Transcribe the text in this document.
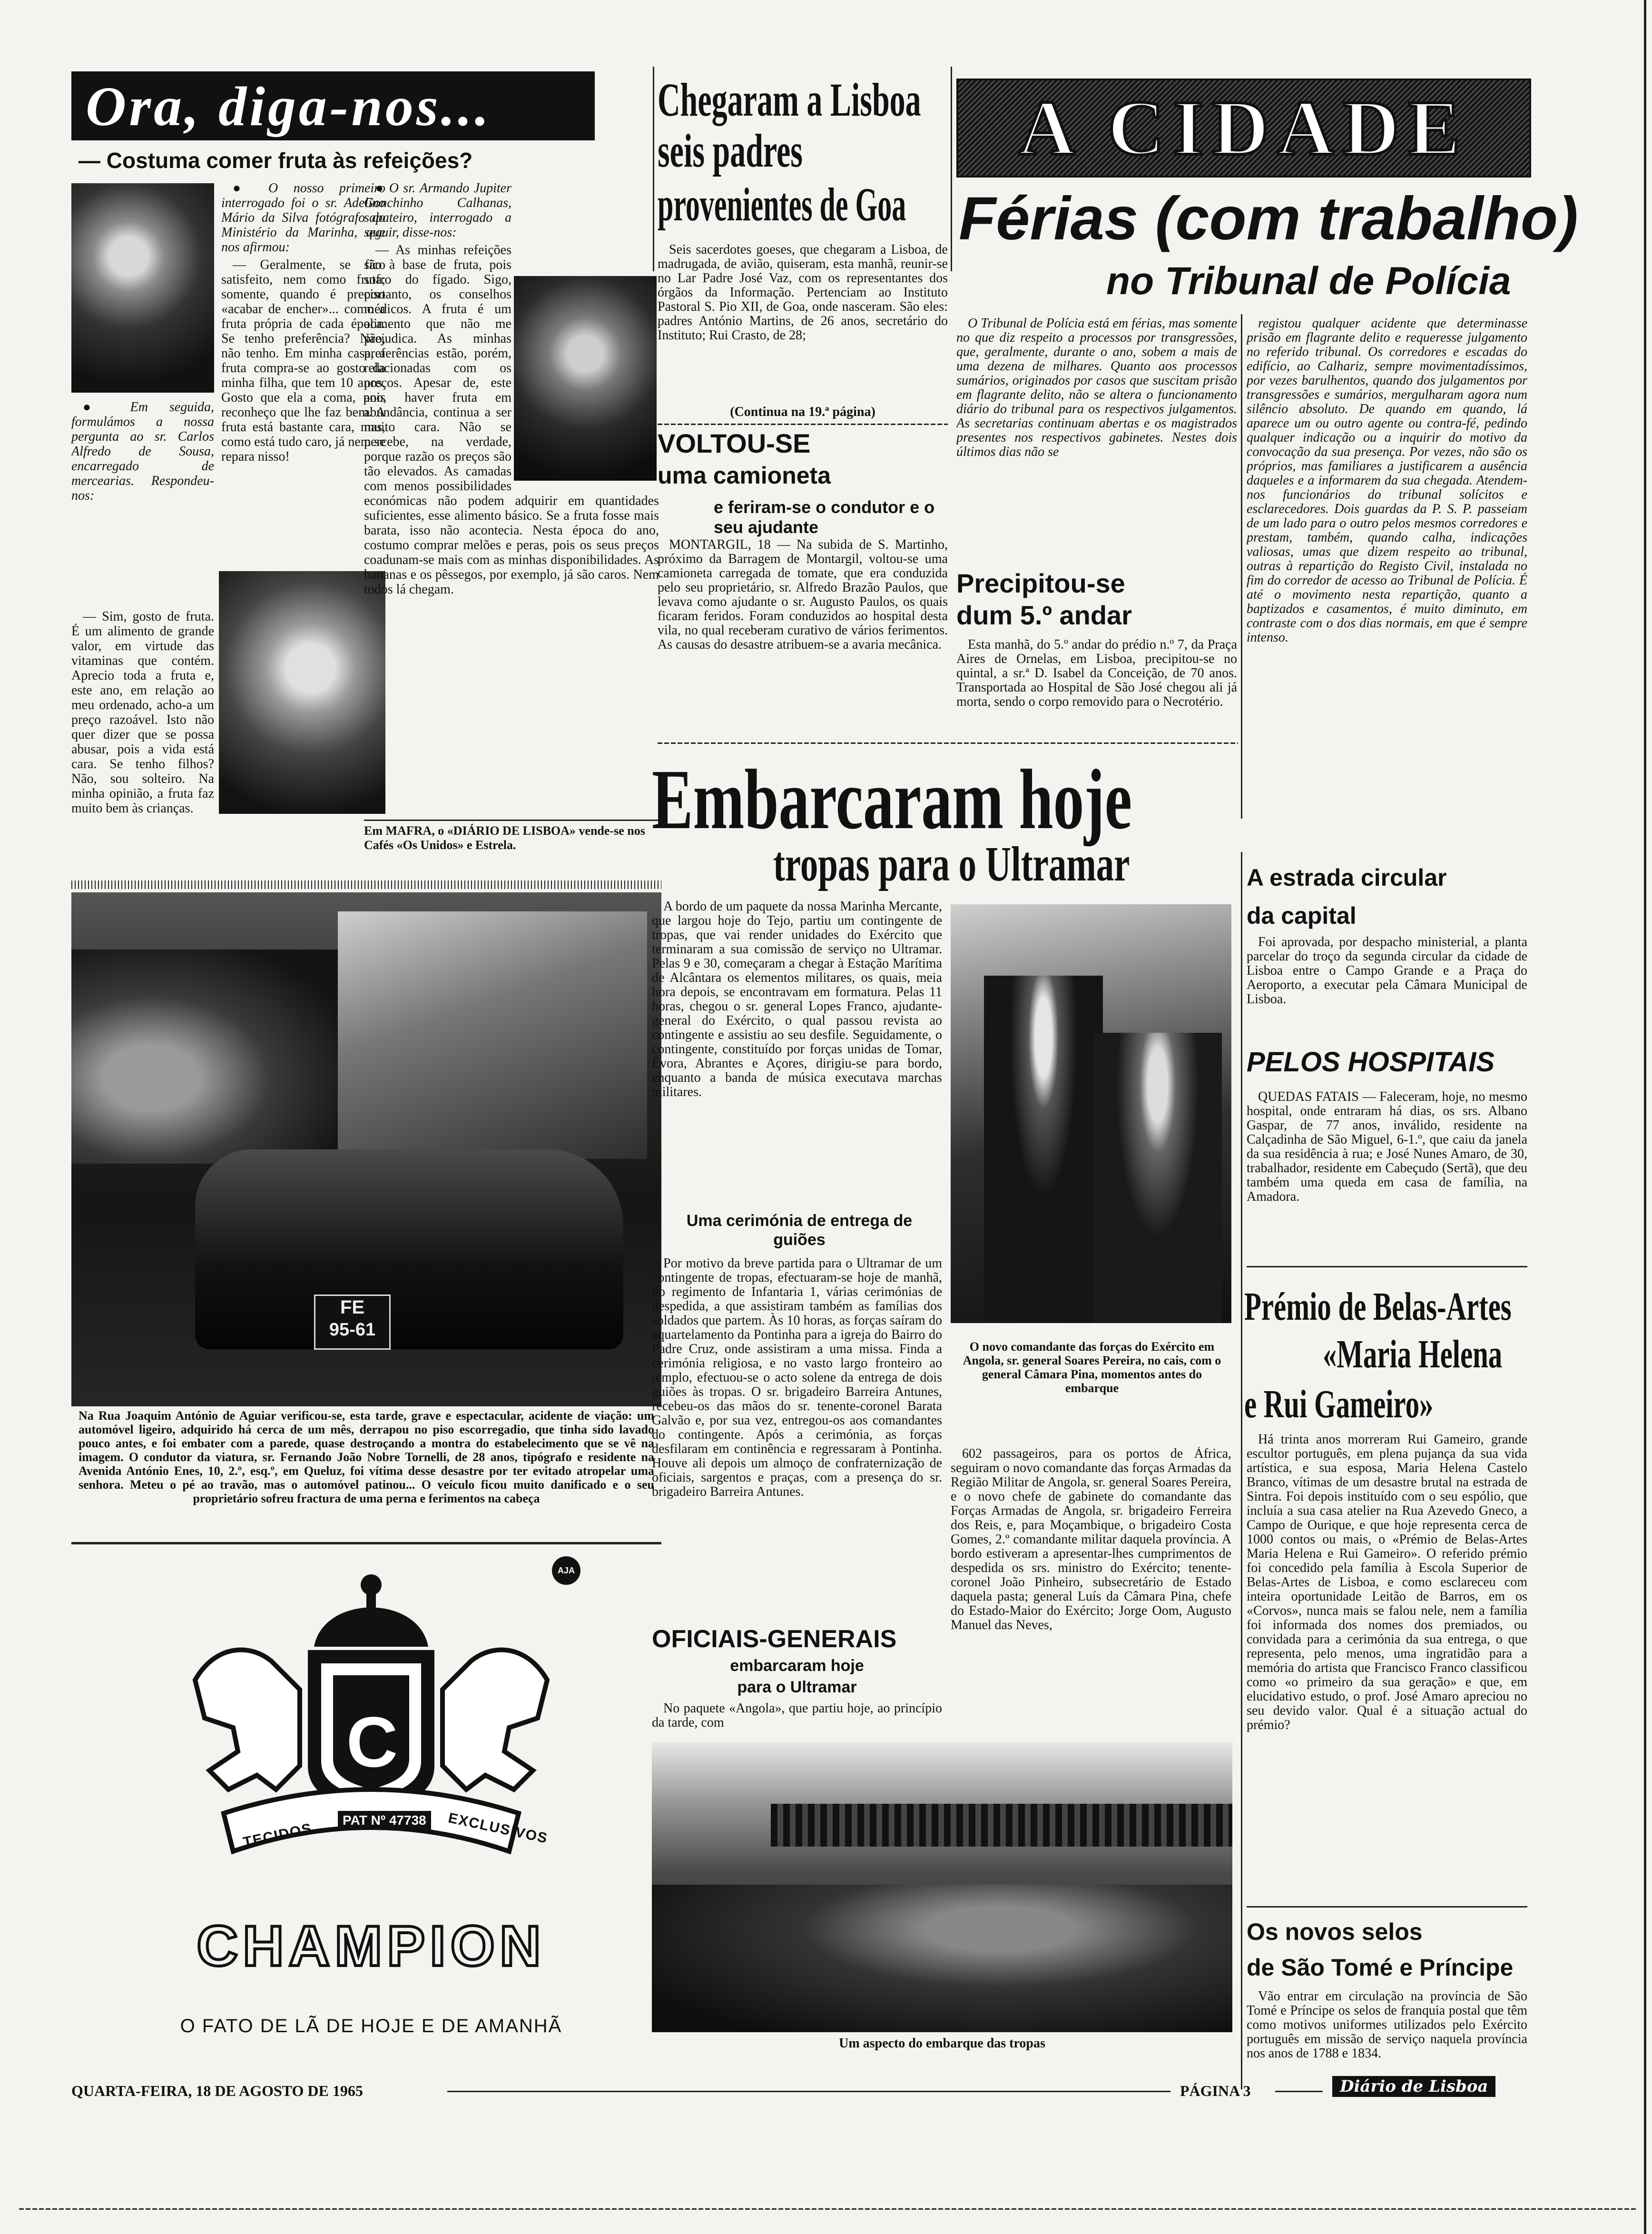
Ora, diga-nos...
— Costuma comer fruta às refeições?

● O nosso primeiro interrogado foi o sr. Adelino Mário da Silva fotógrafo do Ministério da Marinha, que nos afirmou:

— Geralmente, se fico satisfeito, nem como fruta; somente, quando é preciso «acabar de encher»... como a fruta própria de cada época. Se tenho preferência? Não, não tenho. Em minha casa, a fruta compra-se ao gosto da minha filha, que tem 10 anos. Gosto que ela a coma, pois reconheço que lhe faz bem. A fruta está bastante cara, mas, como está tudo caro, já nem se repara nisso!

● Em seguida, formulámos a nossa pergunta ao sr. Carlos Alfredo de Sousa, encarregado de mercearias. Respondeu-nos:

— Sim, gosto de fruta. É um alimento de grande valor, em virtude das vitaminas que contém. Aprecio toda a fruta e, este ano, em relação ao meu ordenado, acho-a um preço razoável. Isto não quer dizer que se possa abusar, pois a vida está cara. Se tenho filhos? Não, sou solteiro. Na minha opinião, a fruta faz muito bem às crianças.

● O sr. Armando Jupiter Gonchinho Calhanas, sapateiro, interrogado a seguir, disse-nos:

— As minhas refeições são à base de fruta, pois sofro do fígado. Sigo, portanto, os conselhos médicos. A fruta é um alimento que não me prejudica. As minhas preferências estão, porém, relacionadas com os preços. Apesar de, este ano, haver fruta em abundância, continua a ser muito cara. Não se percebe, na verdade, porque razão os preços são tão elevados. As camadas com menos possibilidades económicas não podem adquirir em quantidades suficientes, esse alimento básico. Se a fruta fosse mais barata, isso não acontecia. Nesta época do ano, costumo comprar melões e peras, pois os seus preços coadunam-se mais com as minhas disponibilidades. As bananas e os pêssegos, por exemplo, já são caros. Nem todos lá chegam.

Em MAFRA, o «DIÁRIO DE LISBOA» vende-se nos Cafés «Os Unidos» e Estrela.
FE
95-61
Na Rua Joaquim António de Aguiar verificou-se, esta tarde, grave e espectacular, acidente de viação: um automóvel ligeiro, adquirido há cerca de um mês, derrapou no piso escorregadio, que tinha sido lavado pouco antes, e foi embater com a parede, quase destroçando a montra do estabelecimento que se vê na imagem. O condutor da viatura, sr. Fernando João Nobre Tornelli, de 28 anos, tipógrafo e residente na Avenida António Enes, 10, 2.º, esq.º, em Queluz, foi vítima desse desastre por ter evitado atropelar uma senhora. Meteu o pé ao travão, mas o automóvel patinou... O veículo ficou muito danificado e o seu proprietário sofreu fractura de uma perna e ferimentos na cabeça
AJA
C
TECIDOS
PAT Nº 47738	EXCLUSIVOS
CHAMPION
O FATO DE LÃ DE HOJE E DE AMANHÃ
Chegaram a Lisboa
seis padres
provenientes de Goa

Seis sacerdotes goeses, que chegaram a Lisboa, de madrugada, de avião, quiseram, esta manhã, reunir-se no Lar Padre José Vaz, com os representantes dos órgãos da Informação. Pertenciam ao Instituto Pastoral S. Pio XII, de Goa, onde nasceram. São eles: padres António Martins, de 26 anos, secretário do Instituto; Rui Crasto, de 28;

(Continua na 19.ª página)
VOLTOU-SE
uma camioneta
e feriram-se o condutor e o seu ajudante

MONTARGIL, 18 — Na subida de S. Martinho, próximo da Barragem de Montargil, voltou-se uma camioneta carregada de tomate, que era conduzida pelo seu proprietário, sr. Alfredo Brazão Paulos, que levava como ajudante o sr. Augusto Paulos, os quais ficaram feridos. Foram conduzidos ao hospital desta vila, no qual receberam curativo de vários ferimentos. As causas do desastre atribuem-se a avaria mecânica.

A CIDADE
Férias (com trabalho)
no Tribunal de Polícia

O Tribunal de Polícia está em férias, mas somente no que diz respeito a processos por transgressões, que, geralmente, durante o ano, sobem a mais de uma dezena de milhares. Quanto aos processos sumários, originados por casos que suscitam prisão em flagrante delito, não se altera o funcionamento diário do tribunal para os respectivos julgamentos. As secretarias continuam abertas e os magistrados presentes nos respectivos gabinetes. Nestes dois últimos dias não se

registou qualquer acidente que determinasse prisão em flagrante delito e requeresse julgamento no referido tribunal. Os corredores e escadas do edifício, ao Calhariz, sempre movimentadíssimos, por vezes barulhentos, quando dos julgamentos por transgressões e sumários, mergulharam agora num silêncio absoluto. De quando em quando, lá aparece um ou outro agente ou contra-fé, pedindo qualquer indicação ou a inquirir do motivo da convocação da sua presença. Por vezes, não são os próprios, mas familiares a justificarem a ausência daqueles e a informarem da sua chegada. Atendem-nos funcionários do tribunal solícitos e esclarecedores. Dois guardas da P. S. P. passeiam de um lado para o outro pelos mesmos corredores e prestam, também, quando calha, indicações valiosas, umas que dizem respeito ao tribunal, outras à repartição do Registo Civil, instalada no fim do corredor de acesso ao Tribunal de Polícia. É até o movimento nesta repartição, quanto a baptizados e casamentos, é muito diminuto, em contraste com o dos dias normais, em que é sempre intenso.

Precipitou-se
dum 5.º andar

Esta manhã, do 5.º andar do prédio n.º 7, da Praça Aires de Ornelas, em Lisboa, precipitou-se no quintal, a sr.ª D. Isabel da Conceição, de 70 anos. Transportada ao Hospital de São José chegou ali já morta, sendo o corpo removido para o Necrotério.

Embarcaram hoje
tropas para o Ultramar

A bordo de um paquete da nossa Marinha Mercante, que largou hoje do Tejo, partiu um contingente de tropas, que vai render unidades do Exército que terminaram a sua comissão de serviço no Ultramar. Pelas 9 e 30, começaram a chegar à Estação Marítima de Alcântara os elementos militares, os quais, meia hora depois, se encontravam em formatura. Pelas 11 horas, chegou o sr. general Lopes Franco, ajudante-general do Exército, o qual passou revista ao contingente e assistiu ao seu desfile. Seguidamente, o contingente, constituído por forças unidas de Tomar, Évora, Abrantes e Açores, dirigiu-se para bordo, enquanto a banda de música executava marchas militares.

Uma cerimónia de entrega de guiões

Por motivo da breve partida para o Ultramar de um contingente de tropas, efectuaram-se hoje de manhã, no regimento de Infantaria 1, várias cerimónias de despedida, a que assistiram também as famílias dos soldados que partem. Às 10 horas, as forças saíram do aquartelamento da Pontinha para a igreja do Bairro do Padre Cruz, onde assistiram a uma missa. Finda a cerimónia religiosa, e no vasto largo fronteiro ao templo, efectuou-se o acto solene da entrega de dois guiões às tropas. O sr. brigadeiro Barreira Antunes, recebeu-os das mãos do sr. tenente-coronel Barata Galvão e, por sua vez, entregou-os aos comandantes do contingente. Após a cerimónia, as forças desfilaram em continência e regressaram à Pontinha. Houve ali depois um almoço de confraternização de oficiais, sargentos e praças, com a presença do sr. brigadeiro Barreira Antunes.

O novo comandante das forças do Exército em Angola, sr. general Soares Pereira, no cais, com o general Câmara Pina, momentos antes do embarque

602 passageiros, para os portos de África, seguiram o novo comandante das forças Armadas da Região Militar de Angola, sr. general Soares Pereira, e o novo chefe de gabinete do comandante das Forças Armadas de Angola, sr. brigadeiro Ferreira dos Reis, e, para Moçambique, o brigadeiro Costa Gomes, 2.º comandante militar daquela província. A bordo estiveram a apresentar-lhes cumprimentos de despedida os srs. ministro do Exército; tenente-coronel João Pinheiro, subsecretário de Estado daquela pasta; general Luís da Câmara Pina, chefe do Estado-Maior do Exército; Jorge Oom, Augusto Manuel das Neves,

OFICIAIS-GENERAIS
embarcaram hoje
para o Ultramar

No paquete «Angola», que partiu hoje, ao princípio da tarde, com

Um aspecto do embarque das tropas
A estrada circular
da capital

Foi aprovada, por despacho ministerial, a planta parcelar do troço da segunda circular da cidade de Lisboa entre o Campo Grande e a Praça do Aeroporto, a executar pela Câmara Municipal de Lisboa.

PELOS HOSPITAIS

QUEDAS FATAIS — Faleceram, hoje, no mesmo hospital, onde entraram há dias, os srs. Albano Gaspar, de 77 anos, inválido, residente na Calçadinha de São Miguel, 6-1.º, que caiu da janela da sua residência à rua; e José Nunes Amaro, de 30, trabalhador, residente em Cabeçudo (Sertã), que deu também uma queda em casa de família, na Amadora.

Prémio de Belas-Artes
«Maria Helena
e Rui Gameiro»

Há trinta anos morreram Rui Gameiro, grande escultor português, em plena pujança da sua vida artística, e sua esposa, Maria Helena Castelo Branco, vítimas de um desastre brutal na estrada de Sintra. Foi depois instituído com o seu espólio, que incluía a sua casa atelier na Rua Azevedo Gneco, a Campo de Ourique, e que hoje representa cerca de 1000 contos ou mais, o «Prémio de Belas-Artes Maria Helena e Rui Gameiro». O referido prémio foi concedido pela família à Escola Superior de Belas-Artes de Lisboa, e como esclareceu com inteira oportunidade Leitão de Barros, em os «Corvos», nunca mais se falou nele, nem a família foi informada dos nomes dos premiados, ou convidada para a cerimónia da sua entrega, o que representa, pelo menos, uma ingratidão para a memória do artista que Francisco Franco classificou como «o primeiro da sua geração» e que, em elucidativo estudo, o prof. José Amaro apreciou no seu devido valor. Qual é a situação actual do prémio?

Os novos selos
de São Tomé e Príncipe

Vão entrar em circulação na província de São Tomé e Príncipe os selos de franquia postal que têm como motivos uniformes utilizados pelo Exército português em missão de serviço naquela província nos anos de 1788 e 1834.

QUARTA-FEIRA, 18 DE AGOSTO DE 1965	PÁGINA 3	Diário de Lisboa
